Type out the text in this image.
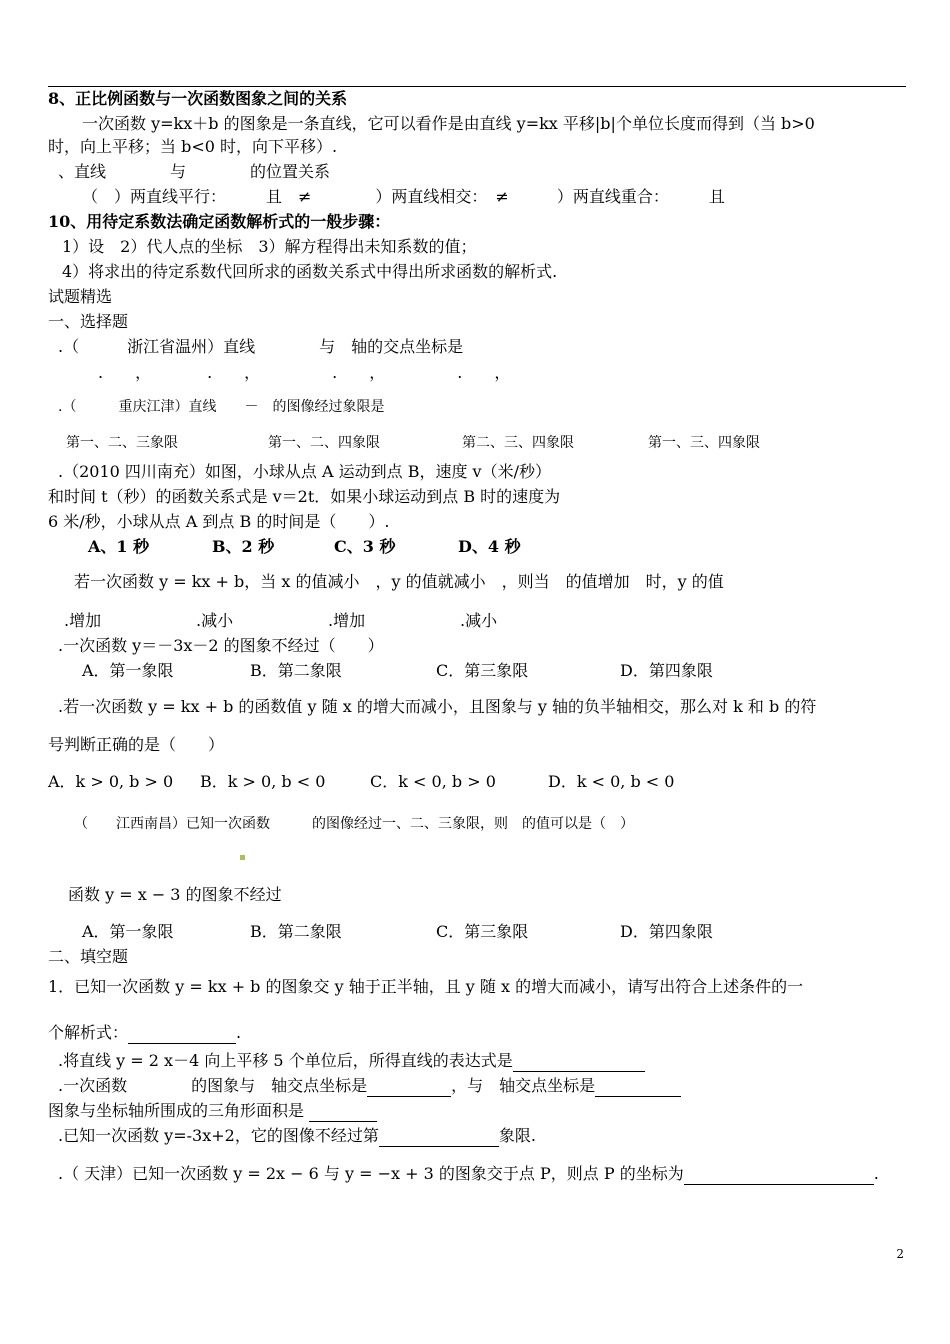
8、正比例函数与一次函数图象之间的关系
一次函数 y=kx＋b 的图象是一条直线，它可以看作是由直线 y=kx 平移|b|个单位长度而得到（当 b>0
时，向上平移；当 b<0 时，向下平移）.
、直线　　　　与　　　　的位置关系
（　）两直线平行：　　　且　≠　　　　）两直线相交：　≠　　　）两直线重合：　　　且
10、用待定系数法确定函数解析式的一般步骤：
1）设　2）代人点的坐标　3）解方程得出未知系数的值；
4）将求出的待定系数代回所求的函数关系式中得出所求函数的解析式.
试题精选
一、选择题
.（　　　浙江省温州）直线　　　　与　轴的交点坐标是
.　　，　　　　.　　，　　　　　.　　，　　　　　.　　，
.（　　　重庆江津）直线　　－　的图像经过象限是
第一、二、三象限	第一、二、四象限	第二、三、四象限	第一、三、四象限
.（2010 四川南充）如图，小球从点 A 运动到点 B，速度 v（米/秒）
和时间 t（秒）的函数关系式是 v＝2t．如果小球运动到点 B 时的速度为
6 米/秒，小球从点 A 到点 B 的时间是（　　）.
A、1 秒	B、2 秒	C、3 秒	D、4 秒
若一次函数 y = kx + b，当 x 的值减小　，y 的值就减小　，则当　的值增加　时，y 的值
.增加	.减小	.增加	.减小
.一次函数 y＝－3x－2 的图象不经过（　　）
A．第一象限	B．第二象限	C．第三象限	D．第四象限
.若一次函数 y = kx + b 的函数值 y 随 x 的增大而减小，且图象与 y 轴的负半轴相交，那么对 k 和 b 的符
号判断正确的是（　　）
A．k > 0, b > 0 B．k > 0, b < 0	C．k < 0, b > 0	D．k < 0, b < 0
（　　江西南昌）已知一次函数　　　的图像经过一、二、三象限，则　的值可以是（　）
函数 y = x − 3 的图象不经过
A．第一象限	B．第二象限	C．第三象限	D．第四象限
二、填空题
1．已知一次函数 y = kx + b 的图象交 y 轴于正半轴，且 y 随 x 的增大而减小，请写出符合上述条件的一
个解析式：	.
.将直线 y = 2 x－4 向上平移 5 个单位后，所得直线的表达式是
.一次函数　　　　的图象与　轴交点坐标是	，与　轴交点坐标是
图象与坐标轴所围成的三角形面积是
.已知一次函数 y=-3x+2，它的图像不经过第	象限.
.（ 天津）已知一次函数 y = 2x − 6 与 y = −x + 3 的图象交于点 P，则点 P 的坐标为	.
2
